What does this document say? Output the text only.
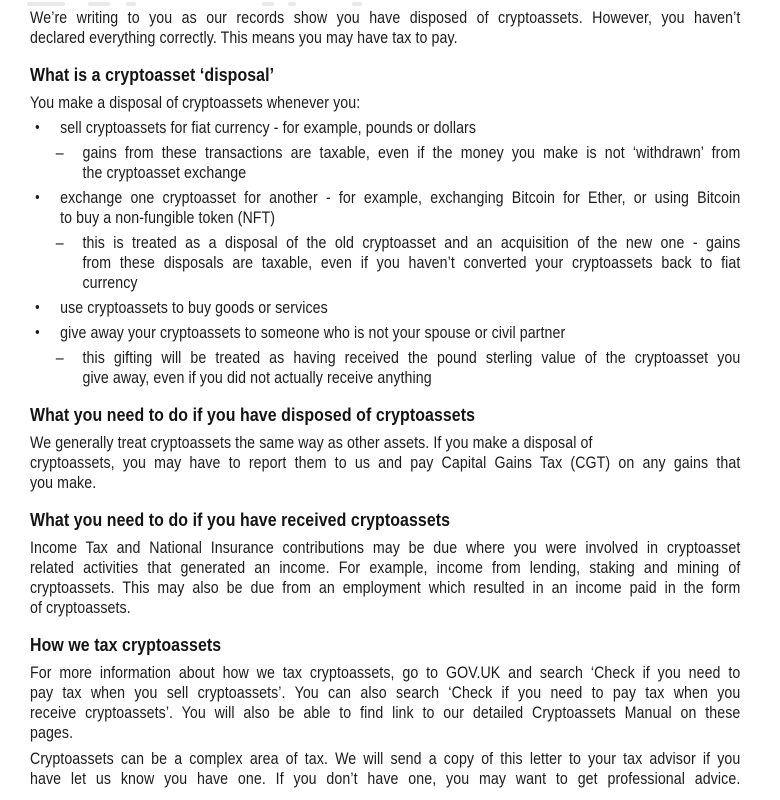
We’re writing to you as our records show you have disposed of cryptoassets. However, you haven’t
declared everything correctly. This means you may have tax to pay.

What is a cryptoasset ‘disposal’

You make a disposal of cryptoassets whenever you:

•	sell cryptoassets for fiat currency - for example, pounds or dollars
–	gains from these transactions are taxable, even if the money you make is not ‘withdrawn’ from
the cryptoasset exchange
•	exchange one cryptoasset for another - for example, exchanging Bitcoin for Ether, or using Bitcoin
to buy a non-fungible token (NFT)
–	this is treated as a disposal of the old cryptoasset and an acquisition of the new one - gains
from these disposals are taxable, even if you haven’t converted your cryptoassets back to fiat
currency
•	use cryptoassets to buy goods or services
•	give away your cryptoassets to someone who is not your spouse or civil partner
–	this gifting will be treated as having received the pound sterling value of the cryptoasset you
give away, even if you did not actually receive anything
What you need to do if you have disposed of cryptoassets

We generally treat cryptoassets the same way as other assets. If you make a disposal of
cryptoassets, you may have to report them to us and pay Capital Gains Tax (CGT) on any gains that
you make.

What you need to do if you have received cryptoassets

Income Tax and National Insurance contributions may be due where you were involved in cryptoasset
related activities that generated an income. For example, income from lending, staking and mining of
cryptoassets. This may also be due from an employment which resulted in an income paid in the form
of cryptoassets.

How we tax cryptoassets

For more information about how we tax cryptoassets, go to GOV.UK and search ‘Check if you need to
pay tax when you sell cryptoassets’. You can also search ‘Check if you need to pay tax when you
receive cryptoassets’. You will also be able to find link to our detailed Cryptoassets Manual on these
pages.

Cryptoassets can be a complex area of tax. We will send a copy of this letter to your tax advisor if you
have let us know you have one. If you don’t have one, you may want to get professional advice.
